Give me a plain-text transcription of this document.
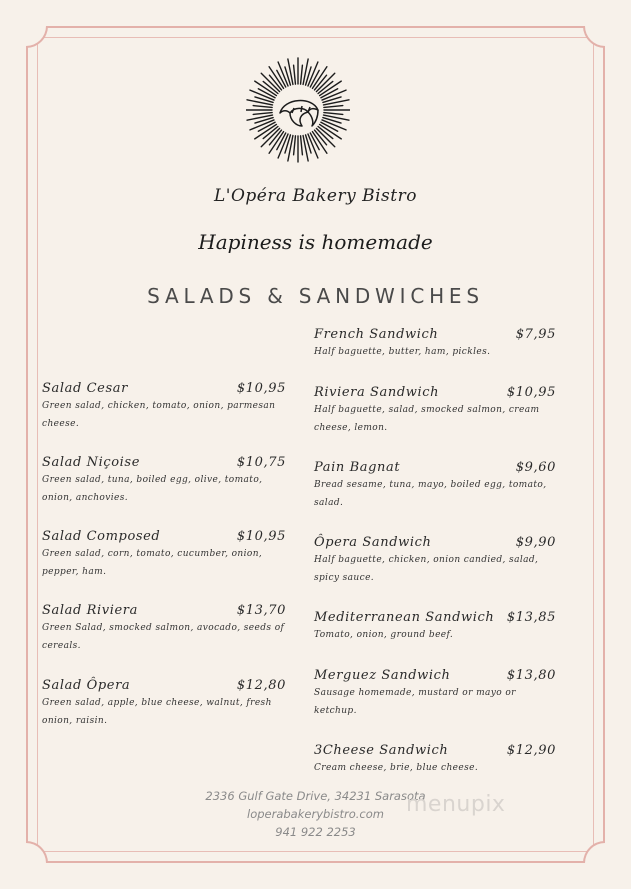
L'Opéra Bakery Bistro
Hapiness is homemade
SALADS & SANDWICHES
Salad Cesar	$10,95
Green salad, chicken, tomato, onion, parmesan cheese.
Salad Niçoise	$10,75
Green salad, tuna, boiled egg, olive, tomato, onion, anchovies.
Salad Composed	$10,95
Green salad, corn, tomato, cucumber, onion, pepper, ham.
Salad Riviera	$13,70
Green Salad, smocked salmon, avocado, seeds of cereals.
Salad Ôpera	$12,80
Green salad, apple, blue cheese, walnut, fresh onion, raisin.
French Sandwich	$7,95
Half baguette, butter, ham, pickles.
Riviera Sandwich	$10,95
Half baguette, salad, smocked salmon, cream cheese, lemon.
Pain Bagnat	$9,60
Bread sesame, tuna, mayo, boiled egg, tomato, salad.
Ôpera Sandwich	$9,90
Half baguette, chicken, onion candied, salad, spicy sauce.
Mediterranean Sandwich $13,85
Tomato, onion, ground beef.
Merguez Sandwich	$13,80
Sausage homemade, mustard or mayo or ketchup.
3Cheese Sandwich	$12,90
Cream cheese, brie, blue cheese.
2336 Gulf Gate Drive, 34231 Sarasota
loperabakerybistro.com
941 922 2253
menupix
